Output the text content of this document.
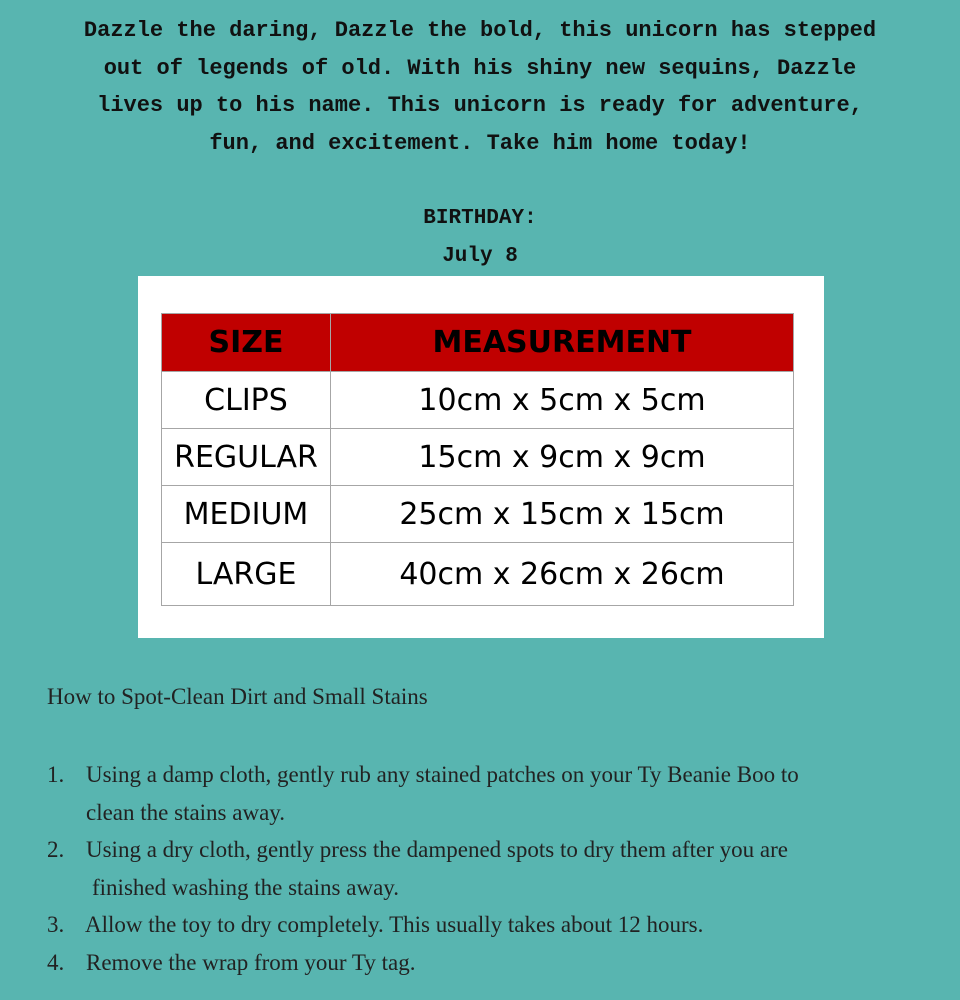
Dazzle the daring, Dazzle the bold, this unicorn has stepped
out of legends of old. With his shiny new sequins, Dazzle
lives up to his name. This unicorn is ready for adventure,
fun, and excitement. Take him home today!
BIRTHDAY:
July 8
SIZE	MEASUREMENT
CLIPS	10cm x 5cm x 5cm
REGULAR	15cm x 9cm x 9cm
MEDIUM	25cm x 15cm x 15cm
LARGE	40cm x 26cm x 26cm
How to Spot-Clean Dirt and Small Stains
1. Using a damp cloth, gently rub any stained patches on your Ty Beanie Boo to
clean the stains away.
2. Using a dry cloth, gently press the dampened spots to dry them after you are
finished washing the stains away.
3. Allow the toy to dry completely. This usually takes about 12 hours.
4. Remove the wrap from your Ty tag.
